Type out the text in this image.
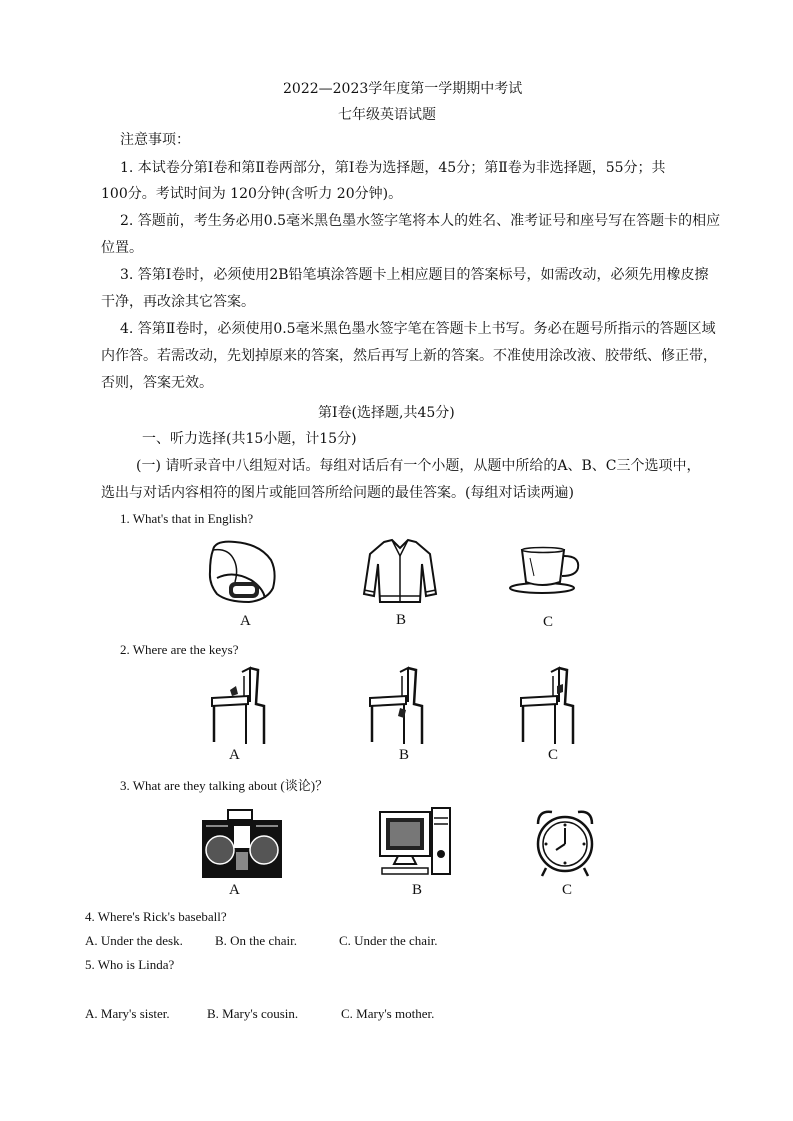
2022—2023学年度第一学期期中考试
七年级英语试题
注意事项：
1. 本试卷分第Ⅰ卷和第Ⅱ卷两部分，第Ⅰ卷为选择题，45分；第Ⅱ卷为非选择题，55分；共
100分。考试时间为 120分钟(含听力 20分钟)。
2. 答题前，考生务必用0.5毫米黑色墨水签字笔将本人的姓名、准考证号和座号写在答题卡的相应
位置。
3. 答第Ⅰ卷时，必须使用2B铅笔填涂答题卡上相应题目的答案标号，如需改动，必须先用橡皮擦
干净，再改涂其它答案。
4. 答第Ⅱ卷时，必须使用0.5毫米黑色墨水签字笔在答题卡上书写。务必在题号所指示的答题区域
内作答。若需改动，先划掉原来的答案，然后再写上新的答案。不准使用涂改液、胶带纸、修正带，
否则，答案无效。
第Ⅰ卷(选择题,共45分)
一、听力选择(共15小题，计15分)
(一) 请听录音中八组短对话。每组对话后有一个小题，从题中所给的A、B、C三个选项中，
选出与对话内容相符的图片或能回答所给问题的最佳答案。(每组对话读两遍)
1. What's that in English?
A	B	C
2. Where are the keys?
A	B	C
3. What are they talking about (谈论)？
A	B	C
4. Where's Rick's baseball?
A. Under the desk. B. On the chair.	C. Under the chair.
5. Who is Linda?
A. Mary's sister.	B. Mary's cousin.	C. Mary's mother.
